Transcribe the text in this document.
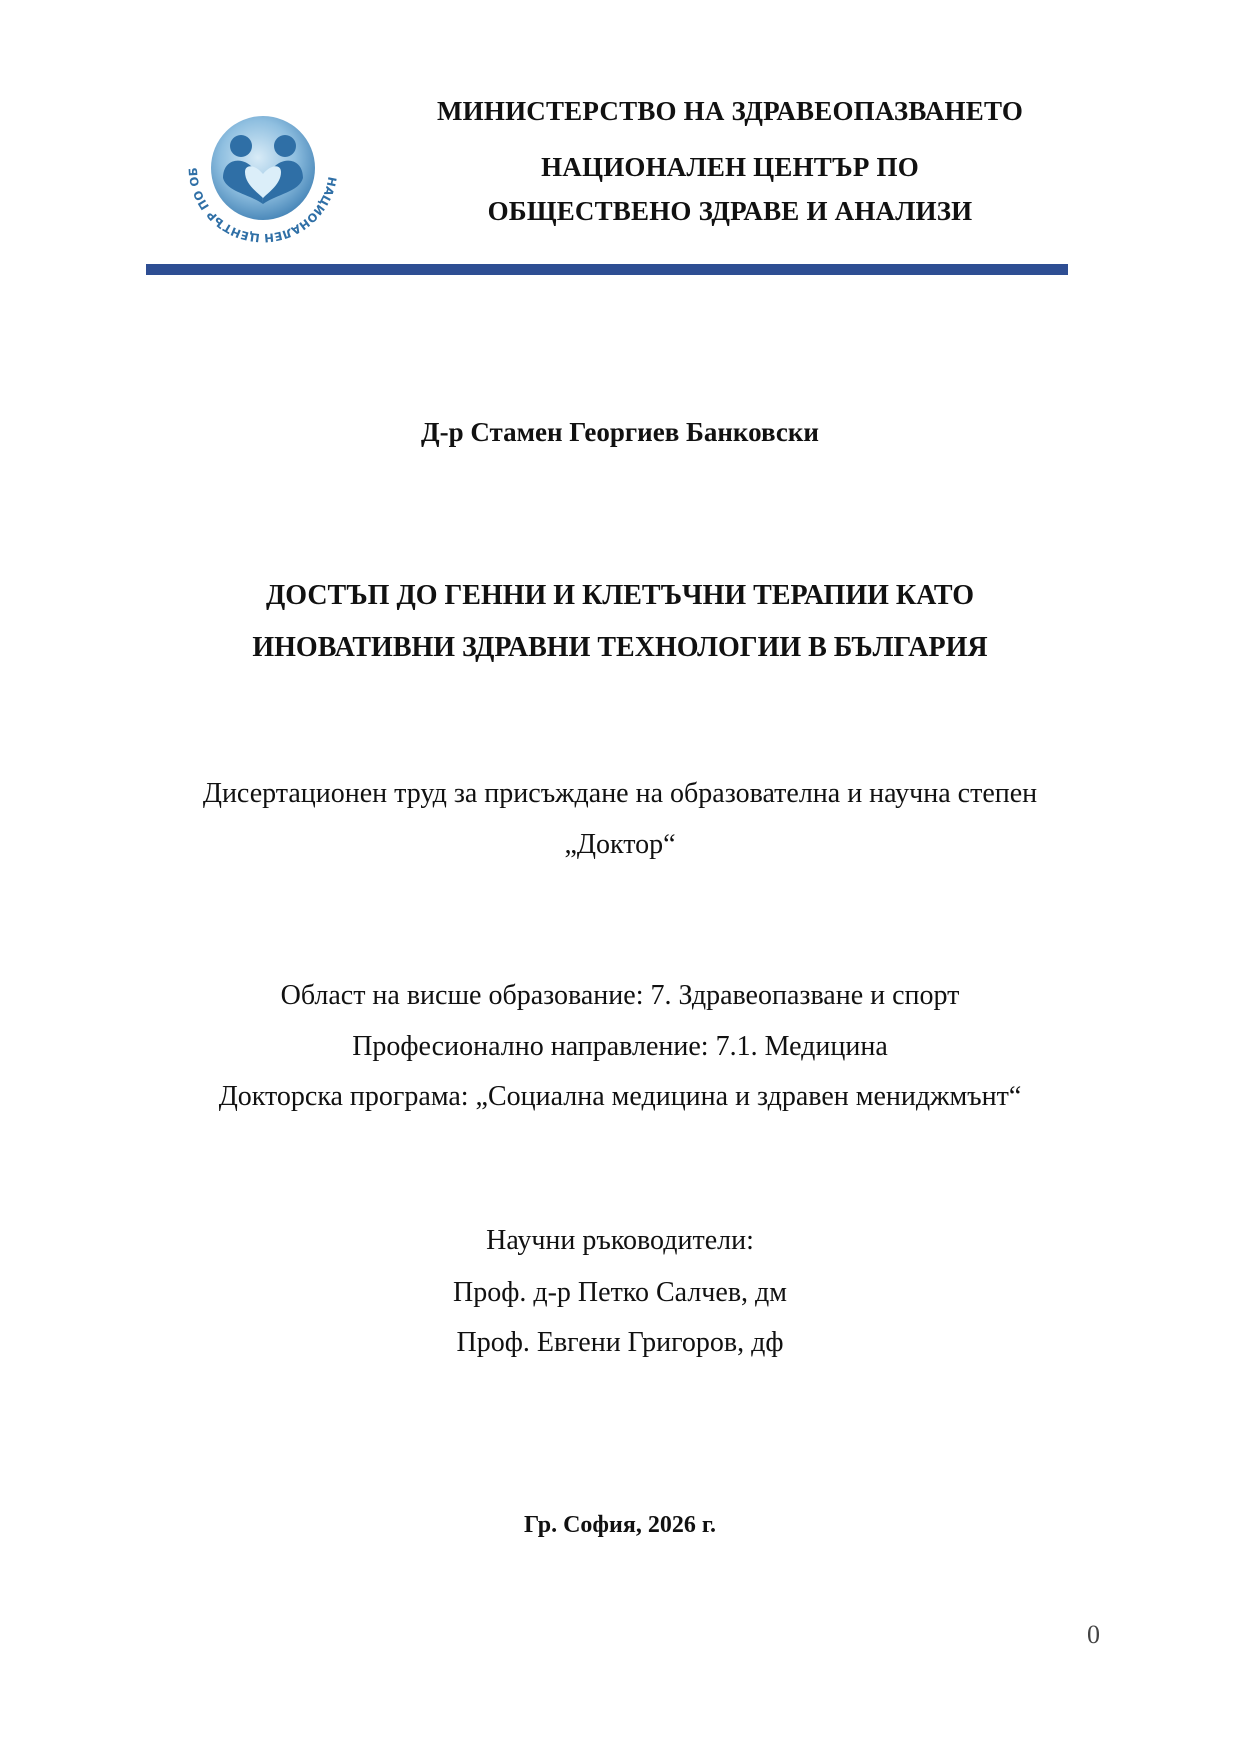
НАЦИОНАЛЕН ЦЕНТЪР ПО ОБ
МИНИСТЕРСТВО НА ЗДРАВЕОПАЗВАНЕТО
НАЦИОНАЛЕН ЦЕНТЪР ПО
ОБЩЕСТВЕНО ЗДРАВЕ И АНАЛИЗИ
Д-р Стамен Георгиев Банковски
ДОСТЪП ДО ГЕННИ И КЛЕТЪЧНИ ТЕРАПИИ КАТО
ИНОВАТИВНИ ЗДРАВНИ ТЕХНОЛОГИИ В БЪЛГАРИЯ
Дисертационен труд за присъждане на образователна и научна степен
„Доктор“
Област на висше образование: 7. Здравеопазване и спорт
Професионално направление: 7.1. Медицина
Докторска програма: „Социална медицина и здравен мениджмънт“
Научни ръководители:
Проф. д-р Петко Салчев, дм
Проф. Евгени Григоров, дф
Гр. София, 2026 г.
0
